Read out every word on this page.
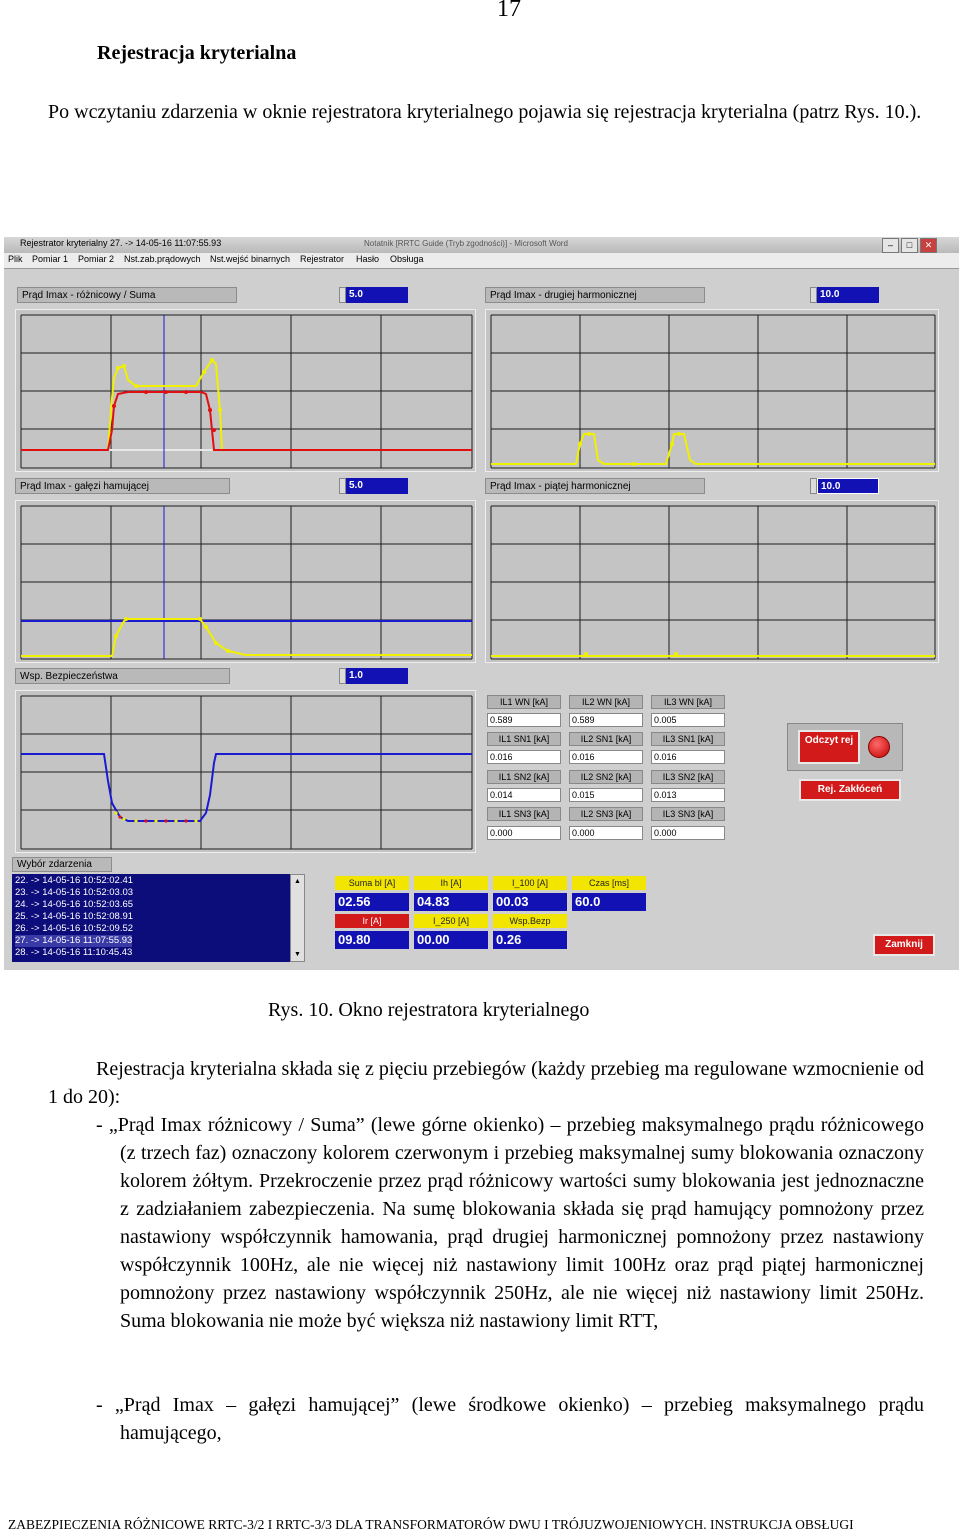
17
Rejestracja kryterialna
Po wczytaniu zdarzenia w oknie rejestratora kryterialnego pojawia się rejestracja kryterialna (patrz Rys. 10.).
Rejestrator kryterialny 27. -> 14-05-16 11:07:55.93	Notatnik [RRTC Guide (Tryb zgodności)] - Microsoft Word	–	□	✕
Plik Pomiar 1 Pomiar 2 Nst.zab.prądowych Nst.wejść binarnych Rejestrator Hasło Obsługa
Prąd Imax - różnicowy / Suma	5.0	Prąd Imax - drugiej harmonicznej	10.0
Prąd Imax - gałęzi hamującej	5.0	Prąd Imax - piątej harmonicznej	10.0
Wsp. Bezpieczeństwa	1.0
IL1 WN [kA]	IL2 WN [kA]	IL3 WN [kA]
0.589	0.589	0.005
IL1 SN1 [kA]	IL2 SN1 [kA]	IL3 SN1 [kA]
0.016	0.016	0.016
IL1 SN2 [kA]	IL2 SN2 [kA]	IL3 SN2 [kA]
0.014	0.015	0.013
IL1 SN3 [kA]	IL2 SN3 [kA]	IL3 SN3 [kA]
0.000	0.000	0.000
Odczyt rej
Rej. Zakłóceń
Zamknij
Wybór zdarzenia
22. -> 14-05-16 10:52:02.41
23. -> 14-05-16 10:52:03.03
24. -> 14-05-16 10:52:03.65
25. -> 14-05-16 10:52:08.91
26. -> 14-05-16 10:52:09.52
27. -> 14-05-16 11:07:55.93
28. -> 14-05-16 11:10:45.43
▲
▼
Suma bl [A]	Ih [A]	I_100 [A]	Czas [ms]
02.56	04.83	00.03	60.0
Ir [A]	I_250 [A]	Wsp.Bezp
09.80	00.00	0.26
Rys. 10. Okno rejestratora kryterialnego
Rejestracja kryterialna składa się z pięciu przebiegów (każdy przebieg ma regulowane wzmocnienie od 1 do 20):
- „Prąd Imax różnicowy / Suma” (lewe górne okienko) – przebieg maksymalnego prądu różnicowego (z trzech faz) oznaczony kolorem czerwonym i przebieg maksymalnej sumy blokowania oznaczony kolorem żółtym. Przekroczenie przez prąd różnicowy wartości sumy blokowania jest jednoznaczne z zadziałaniem zabezpieczenia. Na sumę blokowania składa się prąd hamujący pomnożony przez nastawiony współczynnik hamowania, prąd drugiej harmonicznej pomnożony przez nastawiony współczynnik 100Hz, ale nie więcej niż nastawiony limit 100Hz oraz prąd piątej harmonicznej pomnożony przez nastawiony współczynnik 250Hz, ale nie więcej niż nastawiony limit 250Hz. Suma blokowania nie może być większa niż nastawiony limit RTT,
- „Prąd Imax – gałęzi hamującej” (lewe środkowe okienko) – przebieg maksymalnego prądu hamującego,
ZABEZPIECZENIA RÓŻNICOWE RRTC-3/2 I RRTC-3/3 DLA TRANSFORMATORÓW DWU I TRÓJUZWOJENIOWYCH. INSTRUKCJA OBSŁUGI
